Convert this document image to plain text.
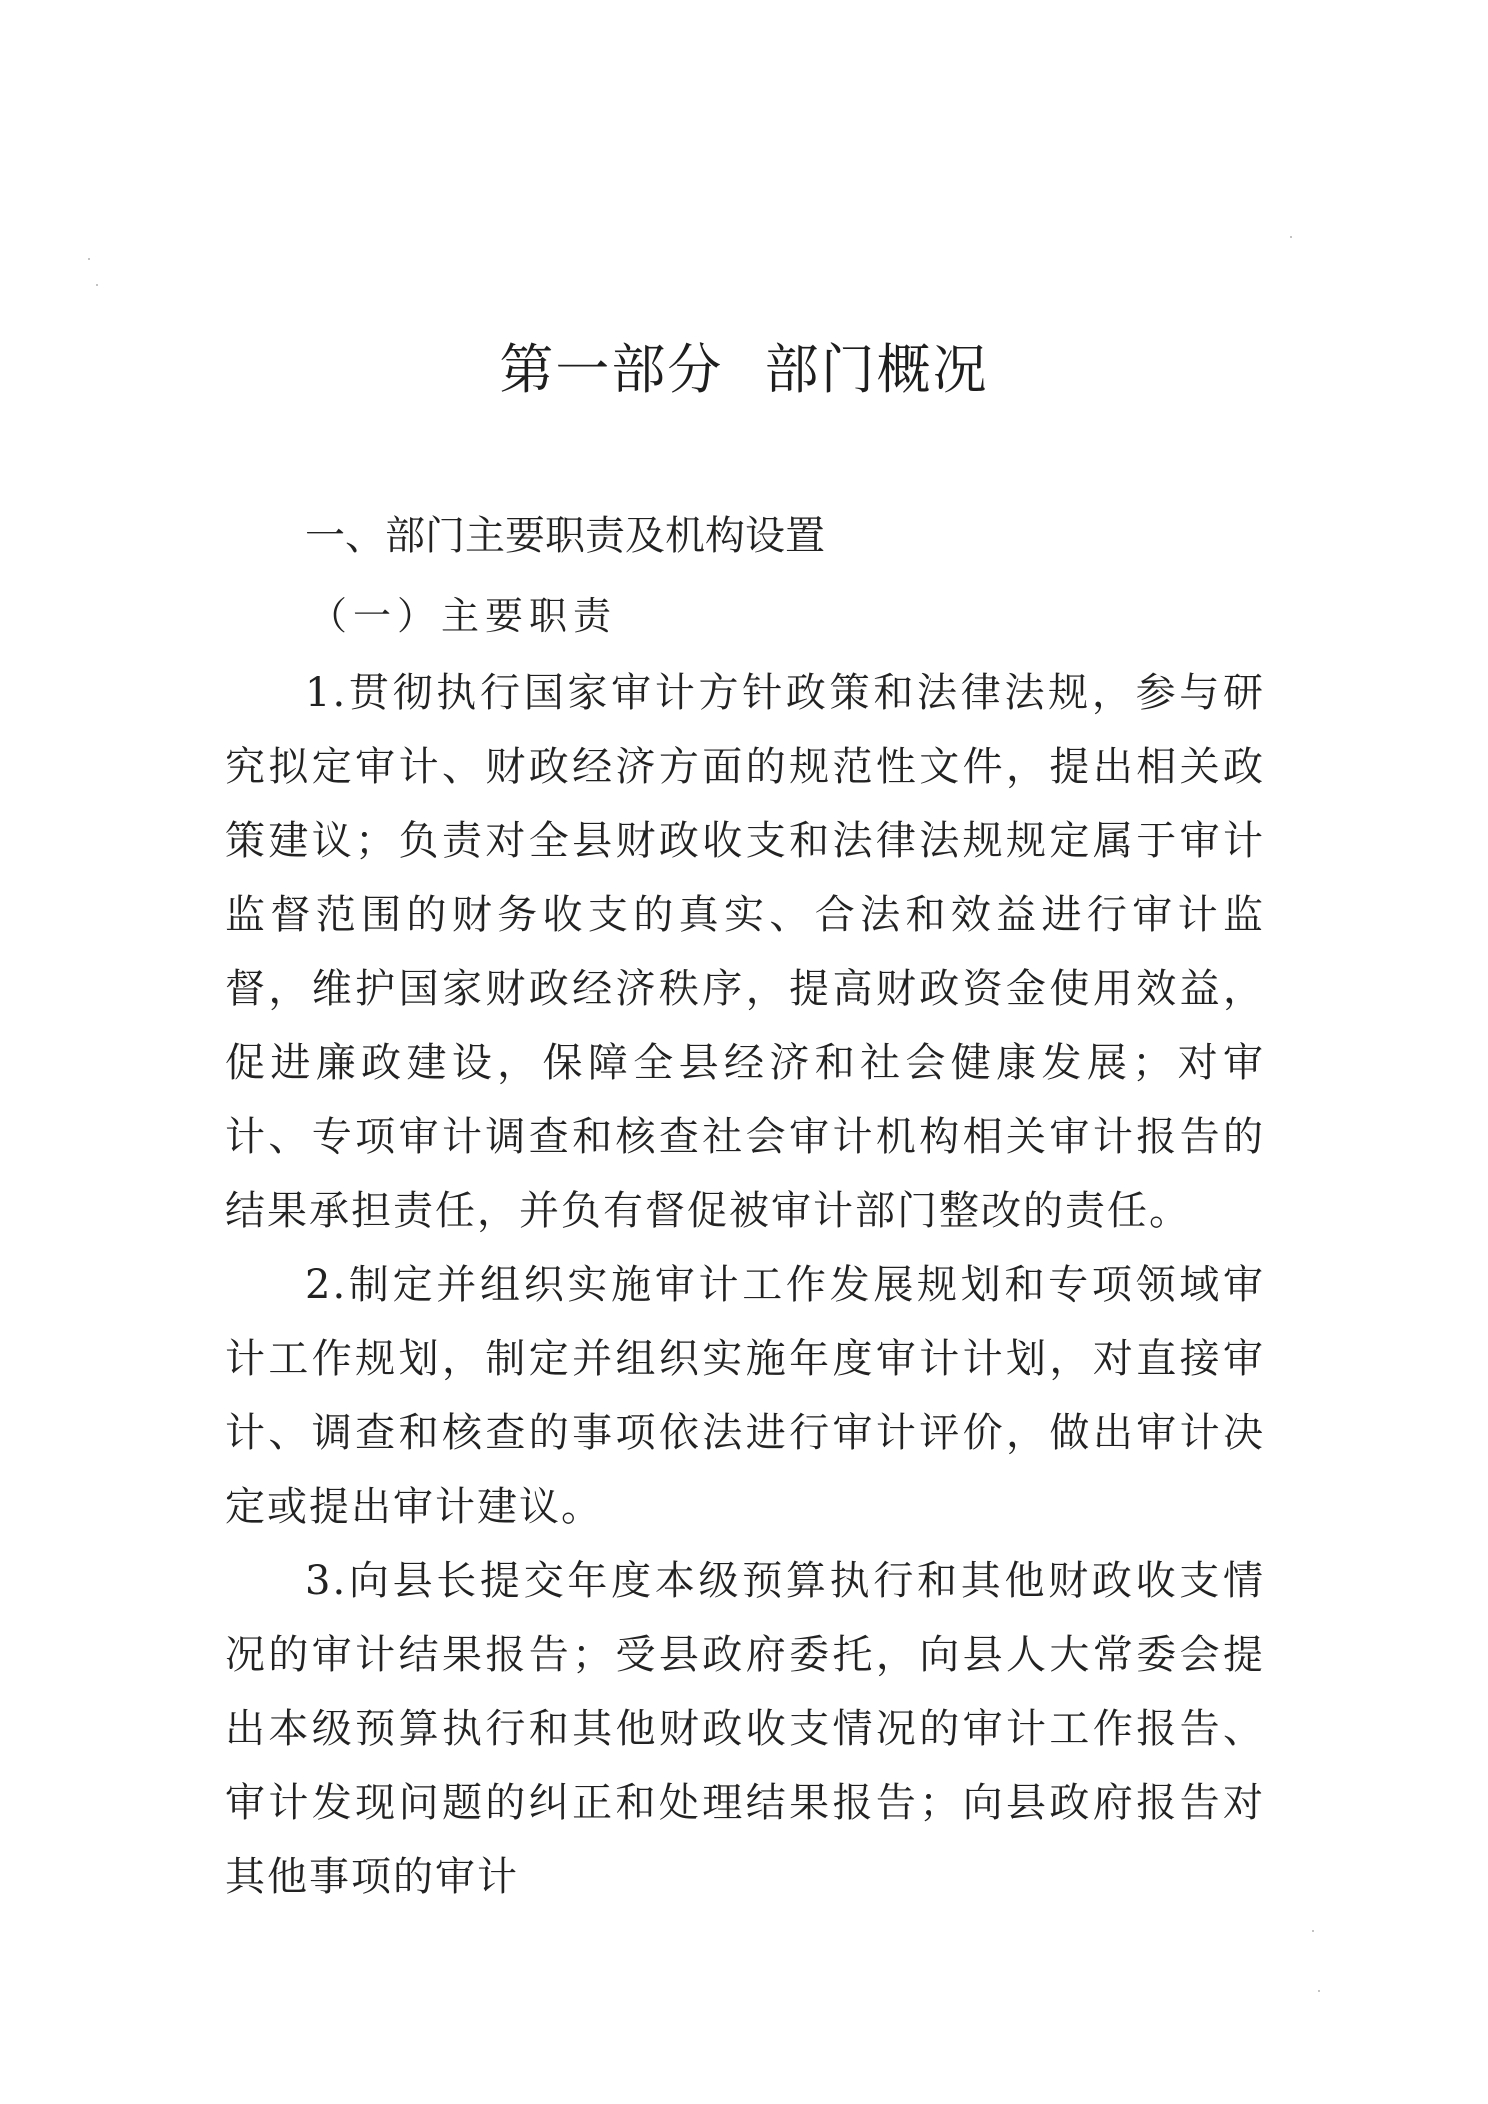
第一部分 部门概况
一、部门主要职责及机构设置
（一）主要职责

1.贯彻执行国家审计方针政策和法律法规，参与研究拟定审计、财政经济方面的规范性文件，提出相关政策建议；负责对全县财政收支和法律法规规定属于审计监督范围的财务收支的真实、合法和效益进行审计监督，维护国家财政经济秩序，提高财政资金使用效益，促进廉政建设，保障全县经济和社会健康发展；对审计、专项审计调查和核查社会审计机构相关审计报告的结果承担责任，并负有督促被审计部门整改的责任。

2.制定并组织实施审计工作发展规划和专项领域审计工作规划，制定并组织实施年度审计计划，对直接审计、调查和核查的事项依法进行审计评价，做出审计决定或提出审计建议。

3.向县长提交年度本级预算执行和其他财政收支情况的审计结果报告；受县政府委托，向县人大常委会提出本级预算执行和其他财政收支情况的审计工作报告、审计发现问题的纠正和处理结果报告；向县政府报告对其他事项的审计
